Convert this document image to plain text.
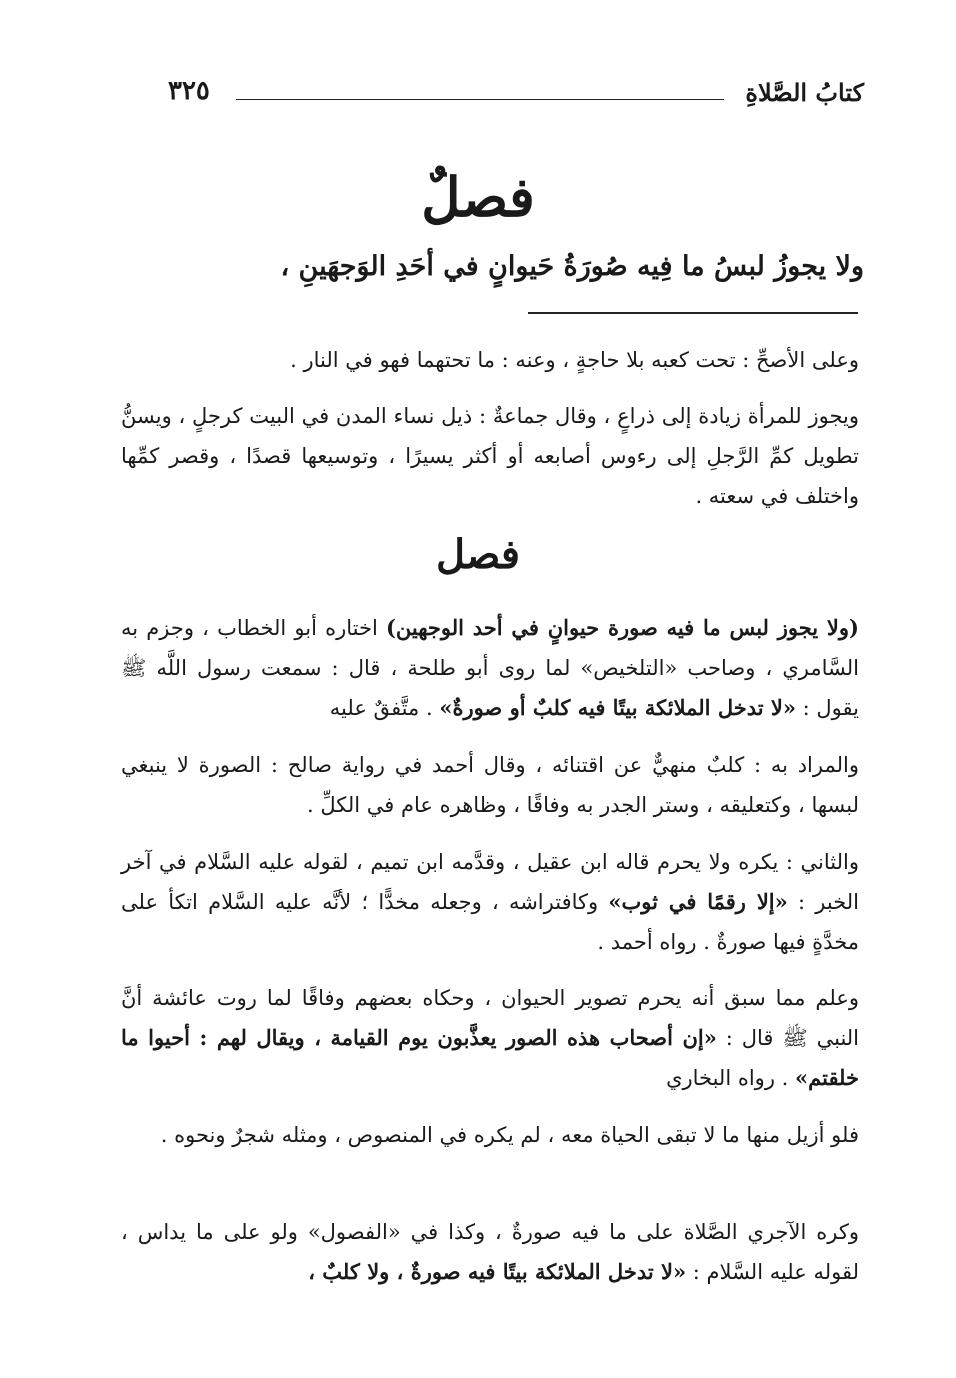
كتابُ الصَّلاةِ
٣٢٥
فصلٌ
ولا يجوزُ لبسُ ما فِيه صُورَةُ حَيوانٍ في أحَدِ الوَجهَينِ ،

وعلى الأصحِّ : تحت كعبه بلا حاجةٍ ، وعنه : ما تحتهما فهو في النار .

ويجوز للمرأة زيادة إلى ذراعٍ ، وقال جماعةٌ : ذيل نساء المدن في البيت كرجلٍ ، ويسنُّ تطويل كمِّ الرَّجلِ إلى رءوس أصابعه أو أكثر يسيرًا ، وتوسيعها قصدًا ، وقصر كمِّها واختلف في سعته .

فصل

(ولا يجوز لبس ما فيه صورة حيوانٍ في أحد الوجهين) اختاره أبو الخطاب ، وجزم به السَّامري ، وصاحب «التلخيص» لما روى أبو طلحة ، قال : سمعت رسول اللَّه ﷺ يقول : «لا تدخل الملائكة بيتًا فيه كلبٌ أو صورةٌ» . متَّفقٌ عليه

والمراد به : كلبٌ منهيٌّ عن اقتنائه ، وقال أحمد في رواية صالح : الصورة لا ينبغي لبسها ، وكتعليقه ، وستر الجدر به وفاقًا ، وظاهره عام في الكلِّ .

والثاني : يكره ولا يحرم قاله ابن عقيل ، وقدَّمه ابن تميم ، لقوله عليه السَّلام في آخر الخبر : «إلا رقمًا في ثوب» وكافتراشه ، وجعله مخدًّا ؛ لأنَّه عليه السَّلام اتكأ على مخدَّةٍ فيها صورةٌ . رواه أحمد .

وعلم مما سبق أنه يحرم تصوير الحيوان ، وحكاه بعضهم وفاقًا لما روت عائشة أنَّ النبي ﷺ قال : «إن أصحاب هذه الصور يعذَّبون يوم القيامة ، ويقال لهم : أحيوا ما خلقتم» . رواه البخاري

فلو أزيل منها ما لا تبقى الحياة معه ، لم يكره في المنصوص ، ومثله شجرٌ ونحوه .

وكره الآجري الصَّلاة على ما فيه صورةٌ ، وكذا في «الفصول» ولو على ما يداس ، لقوله عليه السَّلام : «لا تدخل الملائكة بيتًا فيه صورةٌ ، ولا كلبٌ ،
